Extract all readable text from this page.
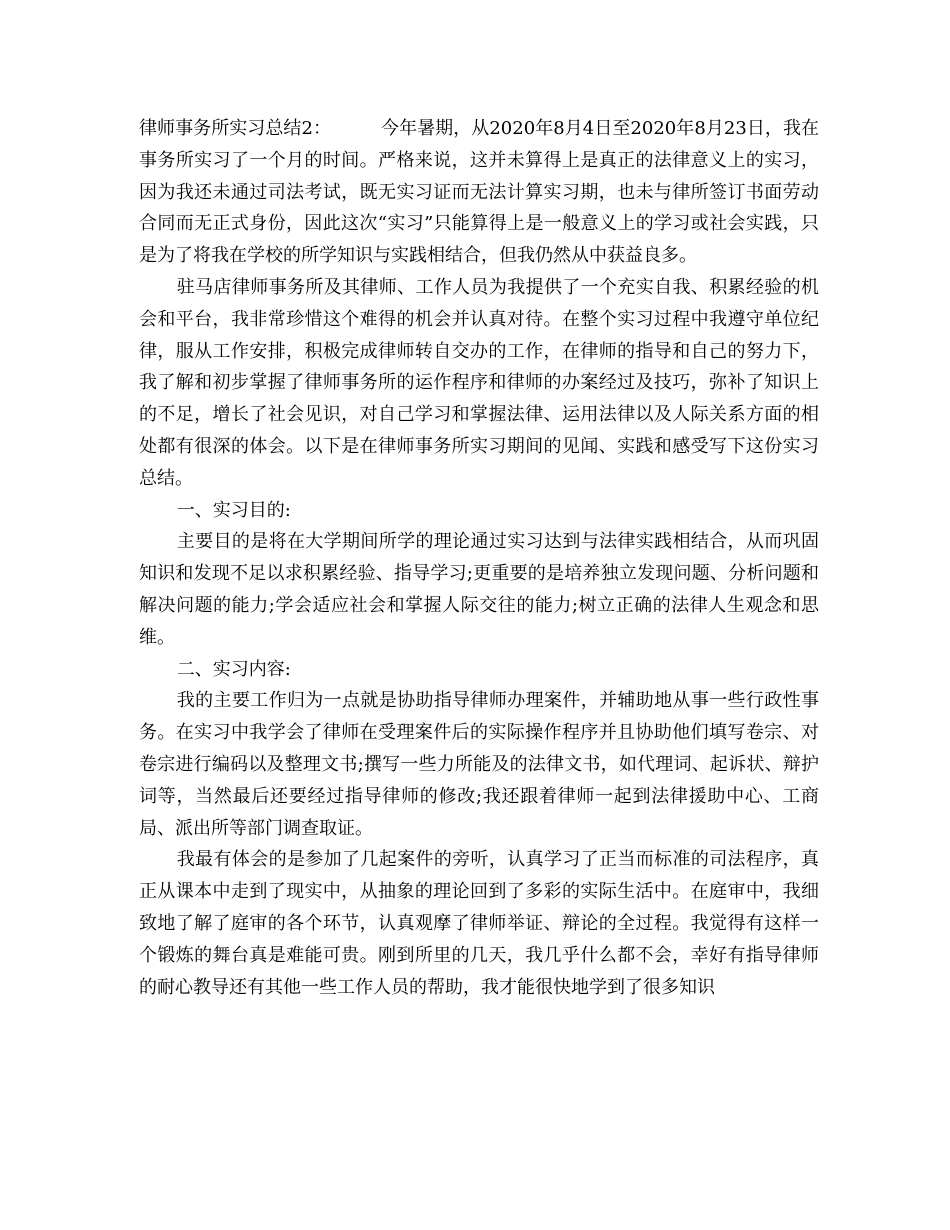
律师事务所实习总结2：	今年暑期，从2020年8月4日至2020年8月23日，我在事务所实习了一个月的时间。严格来说，这并未算得上是真正的法律意义上的实习，因为我还未通过司法考试，既无实习证而无法计算实习期，也未与律所签订书面劳动合同而无正式身份，因此这次“实习”只能算得上是一般意义上的学习或社会实践，只是为了将我在学校的所学知识与实践相结合，但我仍然从中获益良多。

驻马店律师事务所及其律师、工作人员为我提供了一个充实自我、积累经验的机会和平台，我非常珍惜这个难得的机会并认真对待。在整个实习过程中我遵守单位纪律，服从工作安排，积极完成律师转自交办的工作，在律师的指导和自己的努力下，我了解和初步掌握了律师事务所的运作程序和律师的办案经过及技巧，弥补了知识上的不足，增长了社会见识，对自己学习和掌握法律、运用法律以及人际关系方面的相处都有很深的体会。以下是在律师事务所实习期间的见闻、实践和感受写下这份实习总结。

一、实习目的:

主要目的是将在大学期间所学的理论通过实习达到与法律实践相结合，从而巩固知识和发现不足以求积累经验、指导学习;更重要的是培养独立发现问题、分析问题和解决问题的能力;学会适应社会和掌握人际交往的能力;树立正确的法律人生观念和思维。

二、实习内容:

我的主要工作归为一点就是协助指导律师办理案件，并辅助地从事一些行政性事务。在实习中我学会了律师在受理案件后的实际操作程序并且协助他们填写卷宗、对卷宗进行编码以及整理文书;撰写一些力所能及的法律文书，如代理词、起诉状、辩护词等，当然最后还要经过指导律师的修改;我还跟着律师一起到法律援助中心、工商局、派出所等部门调查取证。

我最有体会的是参加了几起案件的旁听，认真学习了正当而标准的司法程序，真正从课本中走到了现实中，从抽象的理论回到了多彩的实际生活中。在庭审中，我细致地了解了庭审的各个环节，认真观摩了律师举证、辩论的全过程。我觉得有这样一个锻炼的舞台真是难能可贵。刚到所里的几天，我几乎什么都不会，幸好有指导律师的耐心教导还有其他一些工作人员的帮助，我才能很快地学到了很多知识
